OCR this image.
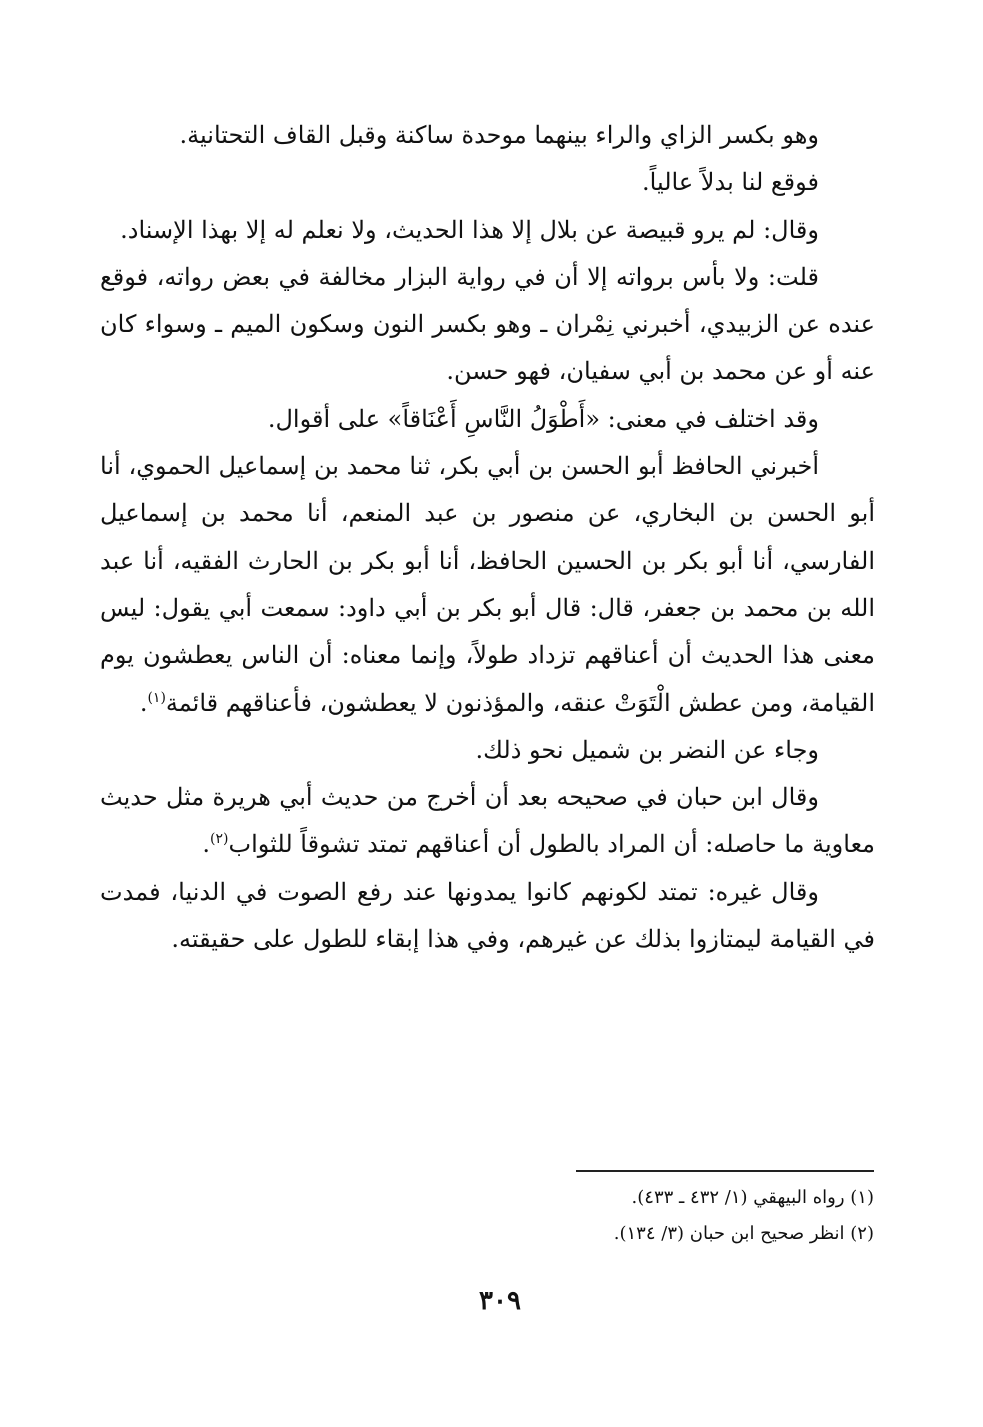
وهو بكسر الزاي والراء بينهما موحدة ساكنة وقبل القاف التحتانية.

فوقع لنا بدلاً عالياً.

وقال: لم يرو قبيصة عن بلال إلا هذا الحديث، ولا نعلم له إلا بهذا الإسناد.

قلت: ولا بأس برواته إلا أن في رواية البزار مخالفة في بعض رواته، فوقع عنده عن الزبيدي، أخبرني نِمْران ـ وهو بكسر النون وسكون الميم ـ وسواء كان عنه أو عن محمد بن أبي سفيان، فهو حسن.

وقد اختلف في معنى: «أَطْوَلُ النَّاسِ أَعْنَاقاً» على أقوال.

أخبرني الحافظ أبو الحسن بن أبي بكر، ثنا محمد بن إسماعيل الحموي، أنا أبو الحسن بن البخاري، عن منصور بن عبد المنعم، أنا محمد بن إسماعيل الفارسي، أنا أبو بكر بن الحسين الحافظ، أنا أبو بكر بن الحارث الفقيه، أنا عبد الله بن محمد بن جعفر، قال: قال أبو بكر بن أبي داود: سمعت أبي يقول: ليس معنى هذا الحديث أن أعناقهم تزداد طولاً، وإنما معناه: أن الناس يعطشون يوم القيامة، ومن عطش الْتَوَتْ عنقه، والمؤذنون لا يعطشون، فأعناقهم قائمة$^{(١)}$.

وجاء عن النضر بن شميل نحو ذلك.

وقال ابن حبان في صحيحه بعد أن أخرج من حديث أبي هريرة مثل حديث معاوية ما حاصله: أن المراد بالطول أن أعناقهم تمتد تشوقاً للثواب$^{(٢)}$.

وقال غيره: تمتد لكونهم كانوا يمدونها عند رفع الصوت في الدنيا، فمدت في القيامة ليمتازوا بذلك عن غيرهم، وفي هذا إبقاء للطول على حقيقته.

(١) رواه البيهقي (١/ ٤٣٢ ـ ٤٣٣).

(٢) انظر صحيح ابن حبان (٣/ ١٣٤).

٣٠٩
